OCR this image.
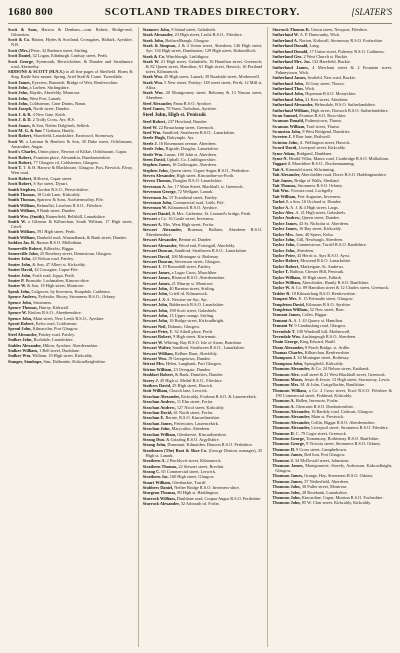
1680 800	SCOTLAND TRADES DIRECTORY.	[SLATER'S
Scott & Sons, Harrow & Denham—cont. Robert, Bridge-end, Gilmerton.
Scott & Co. Hatton, Hydes & Scotland, Crossgates, Halkirk, Ayrshire, N.B.
Scott (Mrs.) Peter, 32 Raeburn street, Stirling.
Scott Daniel, 32 Logan, Edinburgh. Lindsay street, Perth.
Scott George, Eyemouth, Berwickshire; & Dundee and Strathmore road, Abernethy.
SIDDONS & SCOTT (M.N.S.) to all fine pages of Sheffield. Horns & Stag, Rattle Saw mount. Spring, Ariel Staff & Crane. Tweeddale.
Scott James, Eyeview, Burnside, Bridge of Weir, Renfrewshire.
Scott John, a Larbert, Stirlingshire.
Scott John, Haydis, Aberfeldy, Montrose.
Scott John, West Port, Lanark.
Scott John, Coldstream, Cane Drains, Bonar.
Scott Joseph, North street, Dundee.
Scott J. & R. 4 New Gate, Keith.
Scott J. & D. 2 Trolly Cross, Ayr, H.S.
Scott James, & Son, Nether Dalgliesh, Selkirk.
Scott M. G. & Son 7 Graham, Huntly.
Scott Robert, Shawfield, Lanarkshire, Eastwood, Stornoway.
Scott W. a Lairmar & Renfrew & Son, 30 Duke street, Ochilmount, Anstruther, Angus.
Scott's Charles, Union place, Newton of Kilkie, Ochilmount, Cupar.
Scott Robert, Fountain place, Alexandria, Dumbartonshire.
Scott Robert, 77 Glasgow rd, Coldstream, Glasgow.
Scott T. T. & H. Harrow & Blackhouse, Glasgow, Port, Berwick, Elvay, West road.
Scott Robert, Hillcrest, Cupar street.
Scott Robert, S Ayr street, Dysart.
Smith Stephen, Gordon R.S.O., Berwickshire.
Smith Thomas, 18 Crab Lane, Kirkcaldy.
Smith Thomas, Sparrow & Sons, Auchtermuchty, Fife.
Smith William, Belmullet, Leuchars R.S.O., Fifeshire.
Smith William, 8 Bank street, Dundee.
Smith Wm. (Smith), Rainerfield, Bellshill, Lanarkshire.
Smith W. a Gilmour & Kilbarchan, South William, 17 High street, Crieff.
Smith William, 591 High street, Perth.
Smith William, Dunkeld road, Almondbank, & Bank street, Dundee.
Soddon Jas. R. Buston R.S.O. Midlothian.
Somerville Robert, Kilbucho, Biggar.
Somerville John, 25 Rosebery street, Dennistoun, Glasgow.
Souter John, 23 Nelson road, Paisley.
Souter John, & Son, 47 Albert st. Kirkcaldy.
Souter David, 42 Crossgate, Cupar-Fife.
Souter John, Forth road, Joppa, Perth.
Souter P. Burnside, Lochmaben, Kinross-shire.
Souter W. & Son, 18 High street, Montrose.
Speak John, Culgower, by Inverness, Knapdale, Caithness.
Spence Andrew, Fyrbroke, Birsay, Stromness R.S.O., Orkney.
Spence John, Stromness.
Spence Thomas, Harray, Kirkwall.
Spence W. Kinloss R.S.O., Aberdeenshire.
Spence John, Main street, New Leeds R.S.O., Ayrshire.
Sprott Robert, Kelso road, Coldstream.
Sproul John, Kilmacolm, Port Glasgow.
Steel Alexander, Paisley road, Paisley.
Stalker John, Rochdale, Lanarkshire.
Stables Alexander, Hilton, Ayrshire, Aberdeenshire.
Stalker William, 1 Bell street, Dunblane.
Stalker Wm. William, 10 High street, Kirkcaldy.
Stanger, Stanhope, Sim, Dalbeattie, Kirkcudbrightshire.
Stanners John, 9 Island street, Galashiels.
Stark Alexander, 23 High street, Leslie R.S.O., Fifeshire.
Stark John, Bothwellhaugh, Glasgow.
Stark & Simpson, 2 & 4 Union street, Aberdeen; 146 High street, Ayr; 134 High street, Dumbarton; 129 High street, Kirkintilloch.
Stark & Co. Winchburgh, Linlithgow.
Stark W. 21 High street, Galashiels; 16 Hamilton street, Greenock; & 82 Queen street, Hamilton; 61 High street, Hawick; 16 Portland street, Kilmarnock.
Stark Wm. 45 High street, Lanark; 39 Roadside street, Motherwell.
Stark Wm. 5 New street, Paisley; 138 street street, Perth; 12 Mill st. Alloa.
Stark Wm. 20 Montgomery street, Beltonny & 13 Nassau street, Aberdeen.
Steel Alexander, Patna R.S.O. Ayrshire.
Steel James, 78 Yarm, Tarbolton, Ayrshire.
Steel John, High st. Penicuik
Steel Robert, 237 Howland, Dundee.
Steel W. 22 Beauchamp street, Greenock.
Steel Wm. Sandford, Strathaven R.S.O., Lanarkshire.
Steele Hugh, Dalrymple, Ayr.
Steele J. 16 Rosemount avenue, Aberdeen.
Steele John, Rigside, Douglas, Lanarkshire.
Steele Wm. Lunan, 100 John st. Aberdeen.
Steen David, Uphall, Co. Linlithgowshire.
Stephen James, 16 Gallowgate, Aberdeen.
Stephen John, Queen street, Cupar-Angus R.S.O., Perthshire.
Steven Alexander, High street, Kincardine-on-Forth.
Steven Thomas, Douglas R.S.O. Lanarkshire.
Stevenson A. Jas. 17 Main Street, Blackhall, st. Greenock.
Stevenson George, 72 Wellgate, Lanark.
Stevenson Jn. 15 Townhead street, Paisley.
Stevenson John, Commercial road, Leith, Fife.
Stevenson W. Kilmarnock R.S.O. Ayrshire.
Stewart Daniel, & Mrs. Catherine, St. Leonard's bridge, Perth.
Stewart a Co. 16 Castle street, Inverness.
Stewart A. Mrs. West High street, Forfar.
Stewart Alexander, Braemar, Ballater, Aberdeen R.S.O. Aberdeenshire.
Stewart Alexander, Bennie rd. Dundee.
Stewart Alexander, Wood end, Fortingall, Aberfeldy.
Stewart Duncan, Sandford, Strathaven R.S.O., Lanarkshire.
Stewart David, 106 Montagne st. Rothesay.
Stewart Duncan, Stevenson street, Glasgow.
Stewart J. 19 Broomhill street, Paisley.
Stewart James, a Lugar Cross, Mauchline.
Stewart James, Blairton R.S.O. Aberdeenshire.
Stewart James, 21 Murray st. Montrose.
Stewart John, 40 Barnton street, Stirling.
Stewart John, Crieff rd. Kilmarnock.
Stewart J. & A. Newton-on-Ayr, Ayr.
Stewart John, Baldernock R.S.O. Lanarkshire.
Stewart John, 198 Scott street, Galashiels.
Stewart John, 13 Upper orange, Stirling.
Stewart John, 16 Bridge street, Kirkcudbright.
Stewart Neil, Dalmuir, Glasgow.
Stewart Peter, E. 32 Atholl place, Perth.
Stewart Robert, 9 High street, Kirriemuir.
Stewart W. Whiting, Bay R.S.O. Isle of Arran, Buteshire.
Stewart Walter, Sandford, Strathaven R.S.O., Lanarkshire.
Stewart William, Kellner Burn, Aberfeldy.
Stewart Wm. 19 Georgetown, Dundee.
Stirrat Mrs. Helen, Langbank, Port Glasgow.
Stirton William, 23 Overgate, Dundee.
Stoddart Robert, & Bank, Dumfries, Dundee.
Storey J. 45 High st. Methil R.S.O., Fifeshire.
Stothers David, 25 High street, Hawick.
Stott William, Church lane, Lerwick.
Strachan Alexander, Kirkcaldy, Fordoun R.S.O. & Laurencekirk.
Strachan Andrew, 11 Elm street, Forfar.
Strachan Andrew, 127 Nicol street, Kirkcaldy.
Strachan David, 61 North street, Forfar.
Strachan E. Bernie, R.S.O. Kincardineshire.
Strachan James, Fettercairn, Laurencekirk.
Strachan John, Maryculter, Aberdeen.
Strachan William, Glenbervie, Kincardineshire.
Strang Dun. & Grizzlng R.S.O. Argyllshire.
Strang John, Dunsmuir, Kilmaiden, Dunoon R.S.O. Perthshire.
Strathearn (The) Boot & Shoe Co. (George Denton, manager), 35 High st. Lanark.
Strathern A. 2 Buchlyvie street, Kilmarnock.
Strathern Thomas, 22 Stewart street, Brechin.
Strang C. 65 Commercial street, Lerwick.
Strathern Jas. 160 High street, Glasgow.
Stuart William, Glenbuckie, Turriff.
Stubbers Daniel, Nether Bridge R.S.O. Inverness-shire.
Sturgeon Thomas, 80 High st. Haddington.
Sturrock William, Dunblane road, Coupar Angus R.S.O. Perthshire.
Sturrock Alexander, 32 Arbroath rd. Forfar.
Sturrock Thomas K. Union street, Newport, Fifeshire.
Sutherland W. A. P. Dunscanby, Wick.
Sutherland A. Norton, Kirkwall, Stornoway R.S.O. Forfarshire.
Sutherland Donald, Lairg.
Sutherland Donald, 17 Union street, Pulteney R.S.O. Caithness.
Sutherland Geo. 2 West Church st. Buckie.
Sutherland Mrs. Jas. 132 Harefield, Buckie.
Sutherland James, 4 Merchant street & 2 Fountain street, Pultneytown, Wick.
Sutherland James, Seafield, New road, Buckie.
Sutherland John, 16 Gray street, Thurso.
Sutherland Thos. Wick.
Sutherland John, Hopeman R.S.O. Morayshire.
Sutherland John, 21 Kerr street, Aberdeen.
Sutherland Alexander, Helmsdale, R.S.O. Sutherlandshire.
Sutherland William, High street, Dornoch R.S.O. Sutherlandshire.
Swan Samuel, Evanton R.S.O. Ross-shire.
Swanson Donald, Pultneytown, Thurso.
Swanson William, Trail street, Thurso.
Swanston John, 8 West Bridgend, Dumfries.
Sweeten J. 8 Barr lane, Bothwell.
Swinton John, A. Wellington street, Hawick.
Sword David, Liverpool street, Kirkcaldy.
Syme Adam, Bridgend, Dunblane.
Syme N. Herald Villas, Manor road, Coatbridge R.S.O. Midlothian.
Taggart J. Mauchline R.S.O., Duckenmanning.
Tait A. Kinnauld street, Kilwinning.
Tait Alexander, Aberchalder road, Dores R.S.O. Haddingtonshire.
Tait James, Bridge of Walls, Shetland.
Tait Thomas, Stromness R.S.O. Orkney.
Tait Wm. Victoria road, Lochgelly.
Tait William, Port Augustus, Inverness.
Tarbet J. a Son, 16 Orchard st. Dundee.
Taylor A. A. J. & 4 High street, Largs.
Taylor Alex. A. 21 High street, Galashiels.
Taylor Andrew, Queen street, Dundee.
Taylor James, 43 St. Nicholas st. Aberdeen.
Taylor James, 16 Bay street, Kirkcaldy.
Taylor Mrs. Jane, 40 Spiers, Kelso.
Taylor John, Gill, Newburgh, Aberdeen.
Taylor John, Cuminestown, Turriff R.S.O. Banffshire.
Taylor John, Aberdeen.
Taylor Peter, 43 Herrit st. Ayrs R.S.O. Ayrst.
Taylor Robert, Mossend R.S.O. Lanarkshire.
Taylor Robert, Marketgate, St. Andrews.
Taylor T. Balfour, Chester Hill, Penicuik.
Taylor William, 18 High street, Falkirk.
Taylor William, Aberchirder, Huntly R.S.O. Banffshire.
Taylor W. & Co. 89 Hamilton street & 12 Charles street, Greenock.
Tedder R. 18 Kilmaichaig R.S.O. Renfrewshire.
Tempest Mrs. E. 15 Polmadie street, Glasgow.
Templeton David, Kilmaurs R.S.O. Ayrshire.
Templeton William, 52 New street, Rear.
Tennant James, Coller, Biggar.
Tennant A. A. J. 43 Quarry st. Hamilton.
Tennant W. 9 Cambuslang road, Glasgow.
Tevendale T. 108 Windmill hill, Motherwell.
Tevendale Wm. Auchingeugh R.S.O. Aberdeen.
Thain George, King Edward, Banff.
Thom Alexander, 8 Peach Bridge, st. Ardlie.
Thomas Charles, Kilbarchan, Renfrewshire.
Thompson J. 34 Montague street, Rothesay.
Thompson John, Springfield, Kirkcaldy.
Thomson Alexander, & Co. 24 Nelson street, Eastbank.
Thomson Alex. wall street & 21 West Blackhall street, Greenock.
Thomson Moses, Jessie & Jessie, 13 High street, Stornoway, Lewis.
Thomson Mrs. M. & John, Craigellachie, Banffshire.
Thomson William, a Co. 2 Cross street, Errol R.S.O. Fifeshire & 190 Commercial street, Fishhead, Kirkcaldy.
Thomson A. Hallen, Inverurie, Forfar.
Thomson A. Glencairn R.S.O. Dunbartonshire.
Thomson Alexander, 16 Bardsly road, Cathcart, Glasgow.
Thomson Alexander, Main st. Prestwick.
Thomson Alexander, Collin, Biggar R.S.O. Aberdeenshire.
Thomson Alexander, Liverpool street, Stromness R.S.O. Fifeshire.
Thomson D. C. 79 Cogie street, Greenock.
Thomson George, Tornamony, Rothiemay R.S.O. Banffshire.
Thomson George, 9 Victoria street, Stromness R.S.O. Orkney.
Thomson H. 9 Cross street, Campbeltown.
Thomson James, Red lion, Port Glasgow.
Thomson J. 34 McDowall street, Johnstone.
Thomson James, Montgomerie, Stavely, Ardrossan, Kirkcudbright, Glasgow.
Thomson James, Grange, Hay, Stromness R.S.O. Orkney.
Thomson James, 37 Netherfield, Aberdeen.
Thomson John, 30 Fuller street, Montrose.
Thomson John, 28 Rosebank, Lanarkshire.
Thomson John, Kincardine, Cupar, Muirton R.S.O. Forfarshire.
Thomson John, 85 W. Clair street, Kirkcaldy, Kirkcaldy.
